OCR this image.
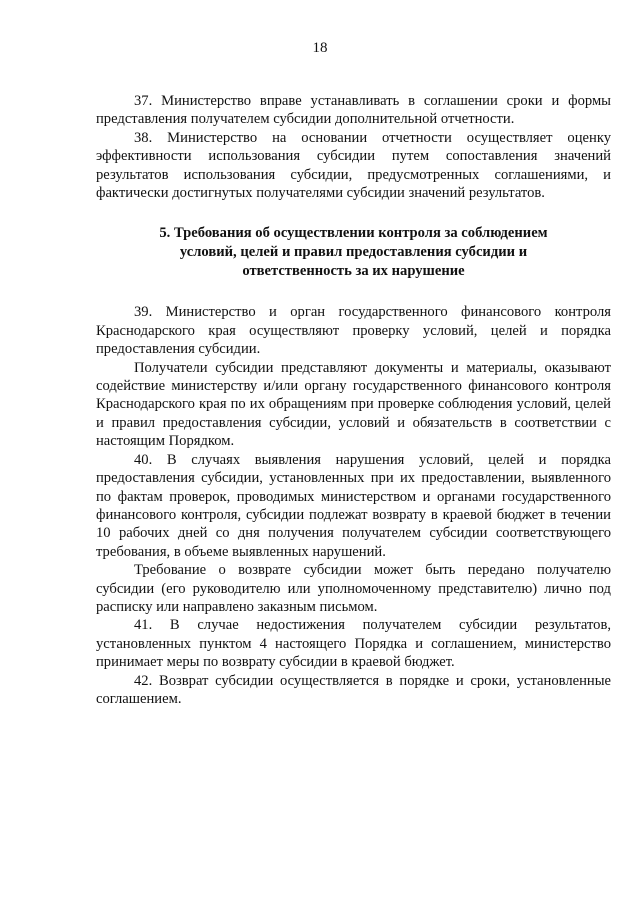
18

37. Министерство вправе устанавливать в соглашении сроки и формы представления получателем субсидии дополнительной отчетности.

38. Министерство на основании отчетности осуществляет оценку эффективности использования субсидии путем сопоставления значений результатов использования субсидии, предусмотренных соглашениями, и фактически достигнутых получателями субсидии значений результатов.

5. Требования об осуществлении контроля за соблюдением
условий, целей и правил предоставления субсидии и
ответственность за их нарушение

39. Министерство и орган государственного финансового контроля Краснодарского края осуществляют проверку условий, целей и порядка предоставления субсидии.

Получатели субсидии представляют документы и материалы, оказывают содействие министерству и/или органу государственного финансового контроля Краснодарского края по их обращениям при проверке соблюдения условий, целей и правил предоставления субсидии, условий и обязательств в соответствии с настоящим Порядком.

40. В случаях выявления нарушения условий, целей и порядка предоставления субсидии, установленных при их предоставлении, выявленного по фактам проверок, проводимых министерством и органами государственного финансового контроля, субсидии подлежат возврату в краевой бюджет в течении 10 рабочих дней со дня получения получателем субсидии соответствующего требования, в объеме выявленных нарушений.

Требование о возврате субсидии может быть передано получателю субсидии (его руководителю или уполномоченному представителю) лично под расписку или направлено заказным письмом.

41. В случае недостижения получателем субсидии результатов, установленных пунктом 4 настоящего Порядка и соглашением, министерство принимает меры по возврату субсидии в краевой бюджет.

42. Возврат субсидии осуществляется в порядке и сроки, установленные соглашением.
